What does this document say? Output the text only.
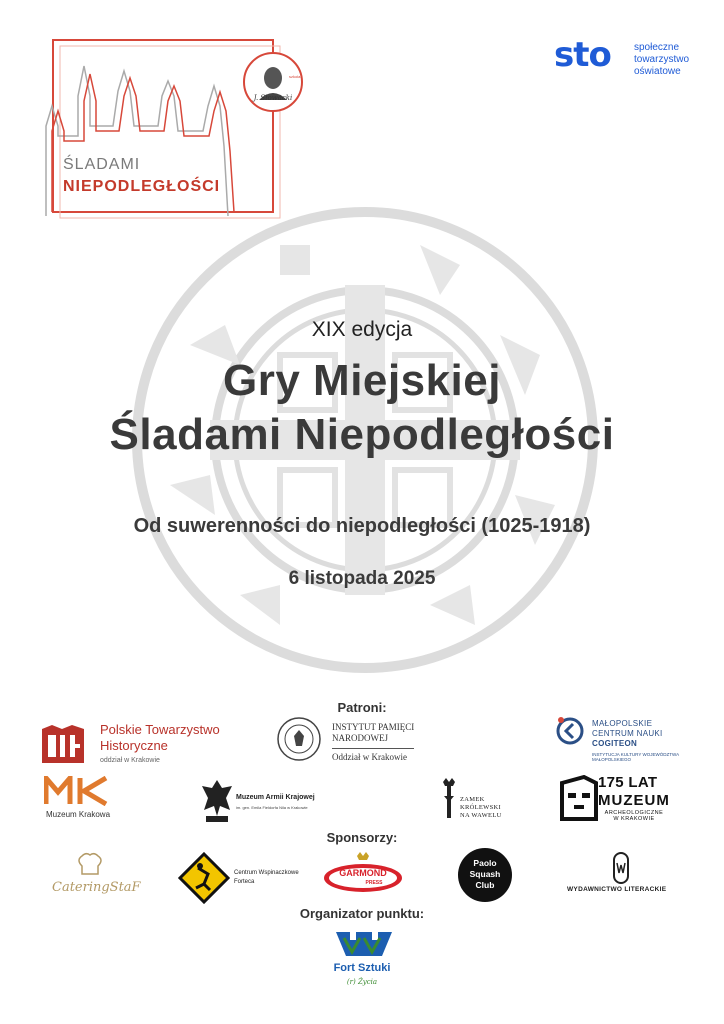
ŚLADAMI
NIEPODLEGŁOŚCI
szkoła
J. Słowacki
sto społeczne
towarzystwo
oświatowe
XIX edycja
Gry Miejskiej
Śladami Niepodległości
Od suwerenności do niepodległości (1025-1918)
6 listopada 2025
Patroni:
Polskie Towarzystwo
Historyczne
oddział w Krakowie
INSTYTUT PAMIĘCI
NARODOWEJ
Oddział w Krakowie
MAŁOPOLSKIE
CENTRUM NAUKI
COGITEON
INSTYTUCJA KULTURY WOJEWÓDZTWA MAŁOPOLSKIEGO
Muzeum Krakowa
Muzeum Armii Krajowej
im. gen. Emila Fieldorfa Nila w Krakowie
ZAMEK
KRÓLEWSKI
NA WAWELU
175 LAT
MUZEUM
ARCHEOLOGICZNE
W KRAKOWIE
Sponsorzy:
CateringStaF
Centrum Wspinaczkowe
Forteca
GARMOND
PRESS
Paolo
Squash
Club	WYDAWNICTWO LITERACKIE
Organizator punktu:
Fort Sztuki
(r) Życia
